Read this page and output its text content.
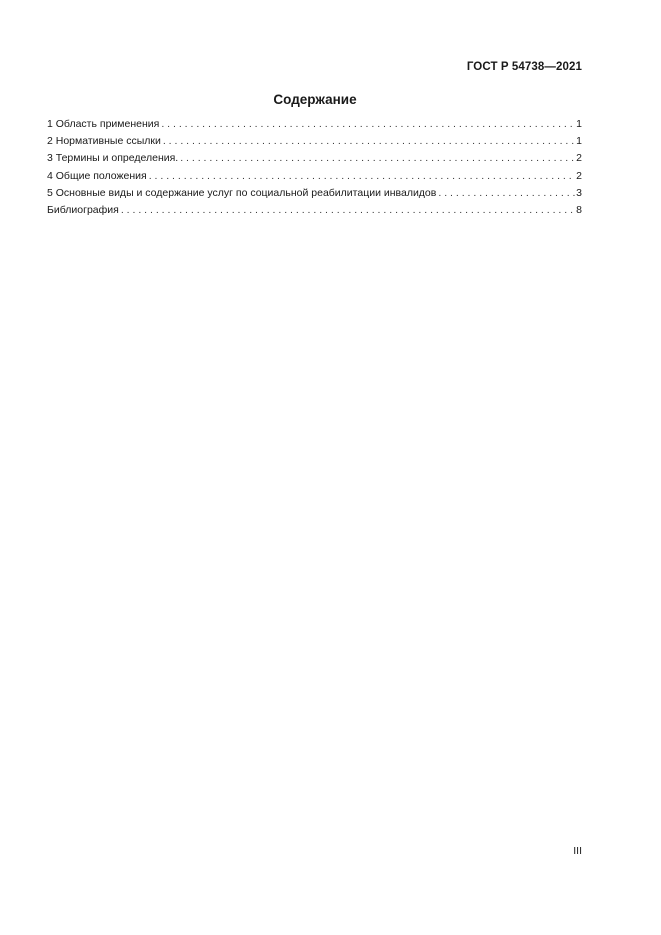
ГОСТ Р 54738—2021
Содержание
1 Область применения . . .	1
2 Нормативные ссылки . . .	1
3 Термины и определения. . . .	2
4 Общие положения . . .	2
5 Основные виды и содержание услуг по социальной реабилитации инвалидов . . .	3
Библиография . . .	8
III
